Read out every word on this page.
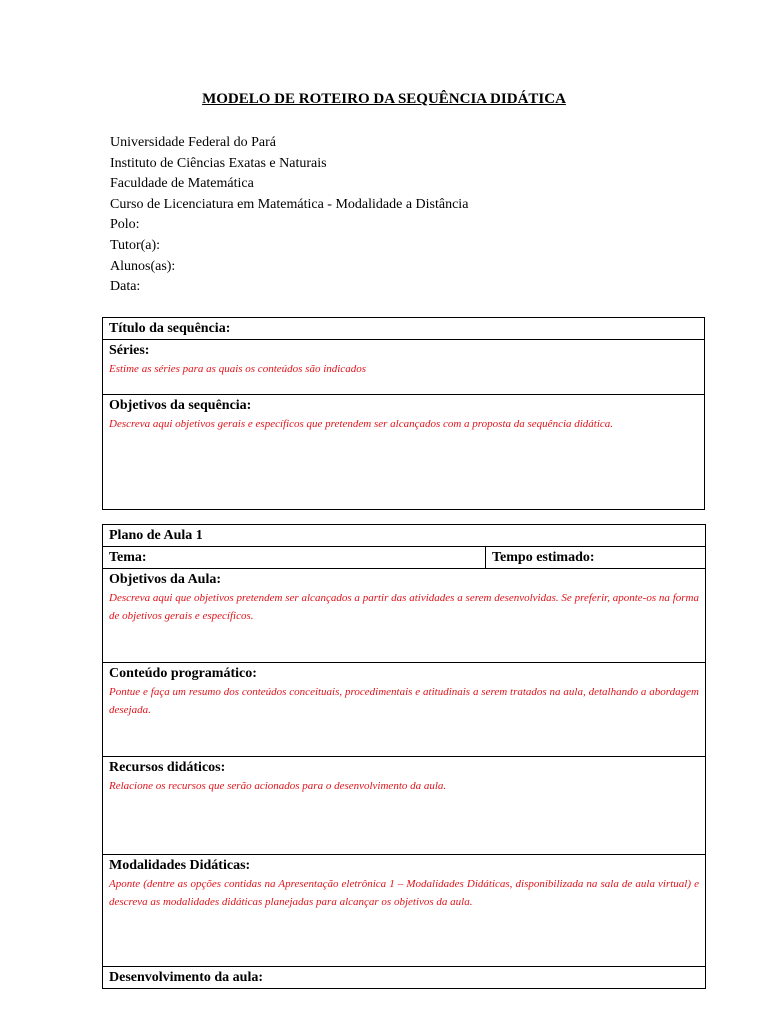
MODELO DE ROTEIRO DA SEQUÊNCIA DIDÁTICA
Universidade Federal do Pará
Instituto de Ciências Exatas e Naturais
Faculdade de Matemática
Curso de Licenciatura em Matemática - Modalidade a Distância
Polo:
Tutor(a):
Alunos(as):
Data:
Título da sequência:

Séries:
Estime as séries para as quais os conteúdos são indicados

Objetivos da sequência:
Descreva aqui objetivos gerais e específicos que pretendem ser alcançados com a proposta da sequência didática.
Plano de Aula 1

Tema:	Tempo estimado:

Objetivos da Aula:
Descreva aqui que objetivos pretendem ser alcançados a partir das atividades a serem desenvolvidas. Se preferir, aponte-os na forma de objetivos gerais e específicos.

Conteúdo programático:
Pontue e faça um resumo dos conteúdos conceituais, procedimentais e atitudinais a serem tratados na aula, detalhando a abordagem desejada.

Recursos didáticos:
Relacione os recursos que serão acionados para o desenvolvimento da aula.

Modalidades Didáticas:
Aponte (dentre as opções contidas na Apresentação eletrônica 1 – Modalidades Didáticas, disponibilizada na sala de aula virtual) e descreva as modalidades didáticas planejadas para alcançar os objetivos da aula.

Desenvolvimento da aula:
